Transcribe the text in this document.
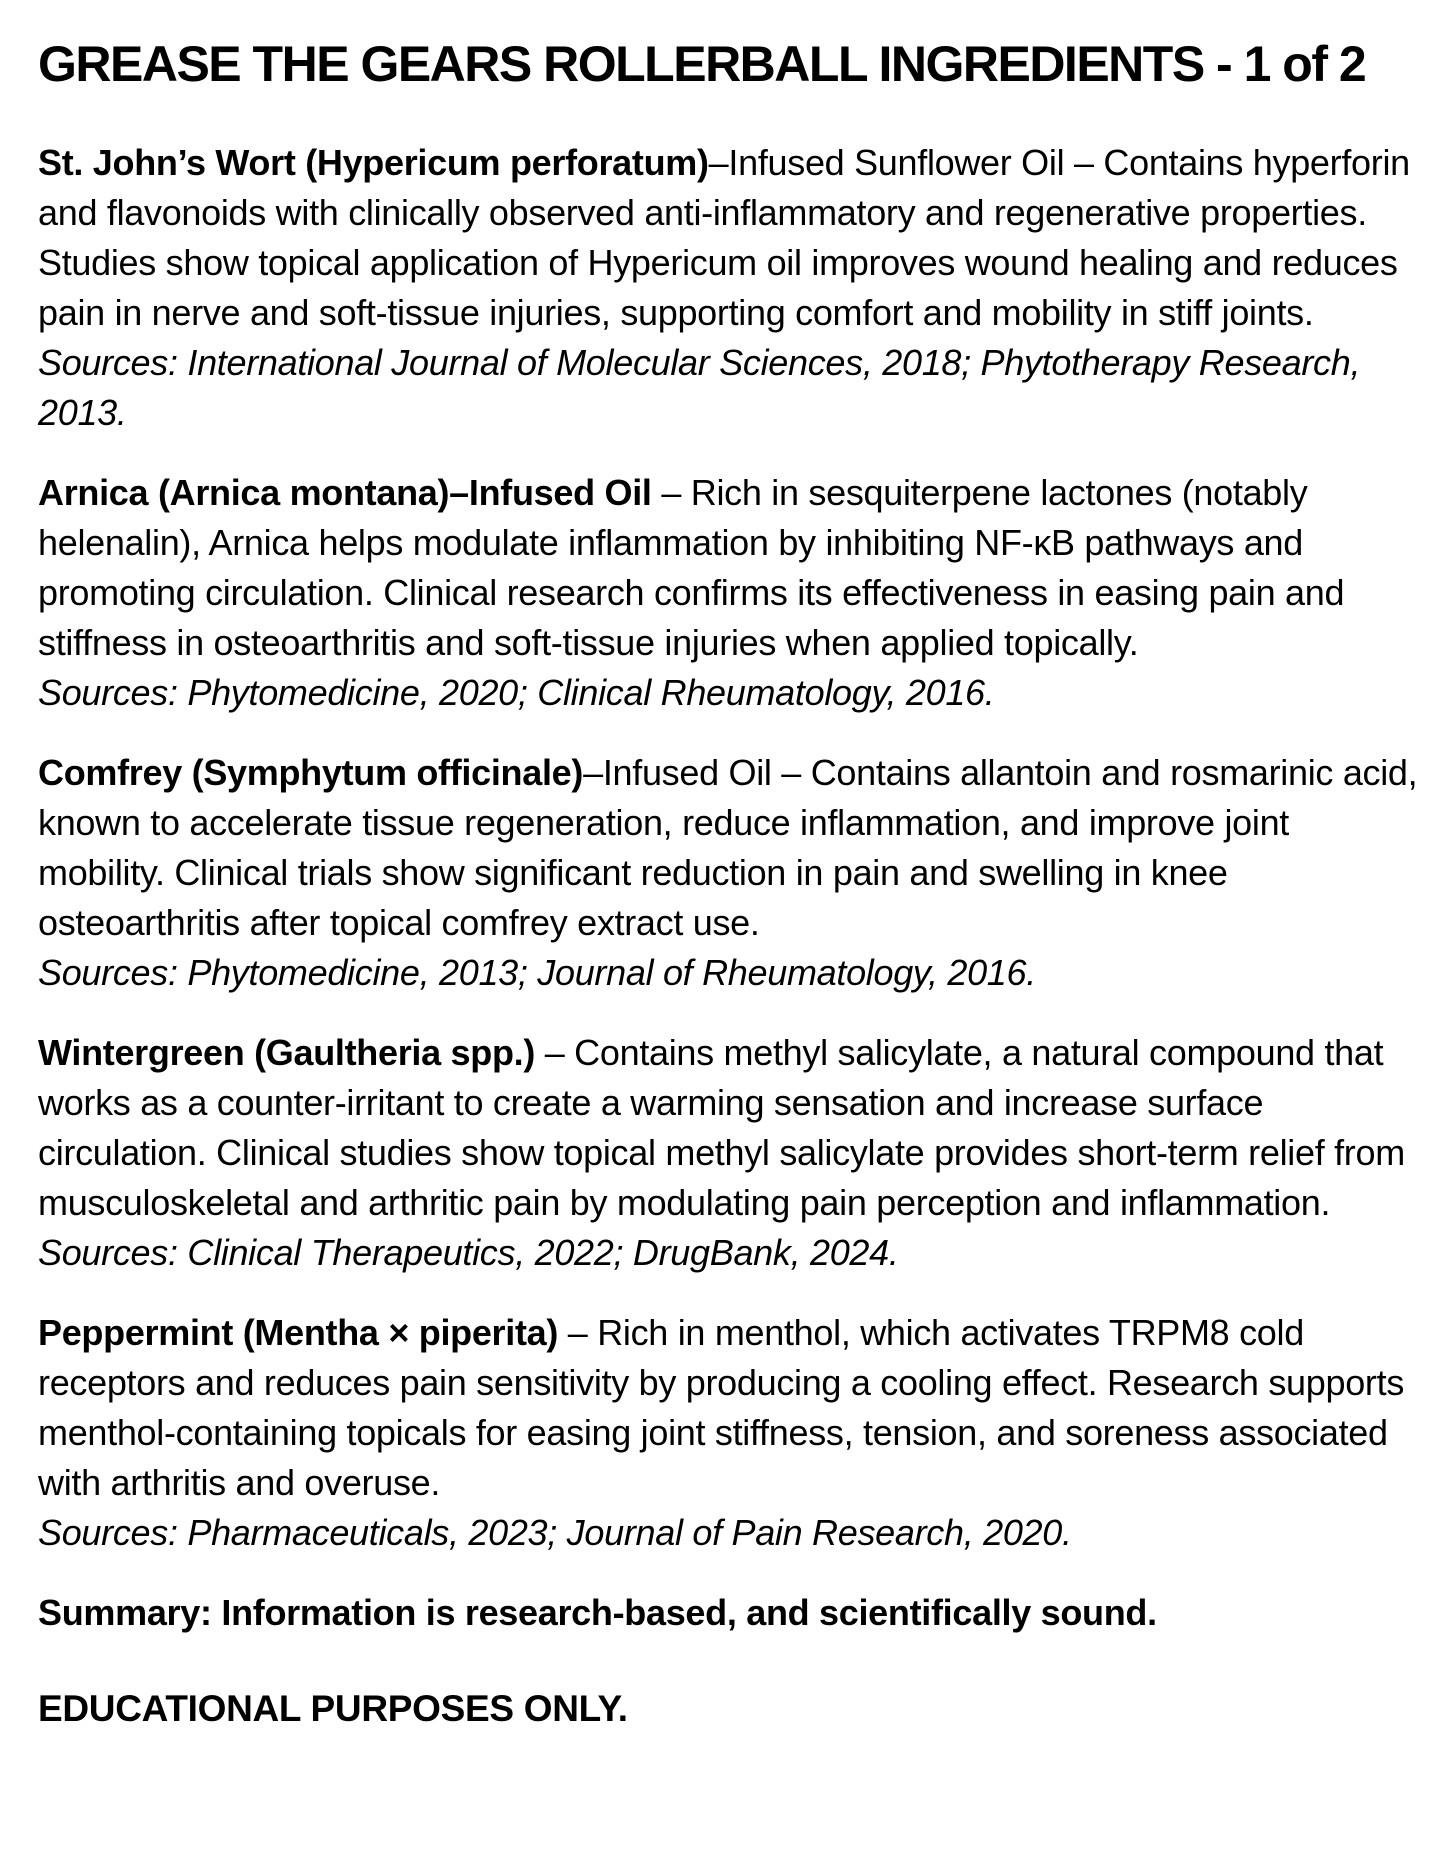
GREASE THE GEARS ROLLERBALL INGREDIENTS - 1 of 2

St. John’s Wort (Hypericum perforatum)–Infused Sunflower Oil – Contains hyperforin and flavonoids with clinically observed anti-inflammatory and regenerative properties. Studies show topical application of Hypericum oil improves wound healing and reduces pain in nerve and soft-tissue injuries, supporting comfort and mobility in stiff joints.
Sources: International Journal of Molecular Sciences, 2018; Phytotherapy Research, 2013.

Arnica (Arnica montana)–Infused Oil – Rich in sesquiterpene lactones (notably helenalin), Arnica helps modulate inflammation by inhibiting NF-κB pathways and promoting circulation. Clinical research confirms its effectiveness in easing pain and stiffness in osteoarthritis and soft-tissue injuries when applied topically.
Sources: Phytomedicine, 2020; Clinical Rheumatology, 2016.

Comfrey (Symphytum officinale)–Infused Oil – Contains allantoin and rosmarinic acid, known to accelerate tissue regeneration, reduce inflammation, and improve joint mobility. Clinical trials show significant reduction in pain and swelling in knee osteoarthritis after topical comfrey extract use.
Sources: Phytomedicine, 2013; Journal of Rheumatology, 2016.

Wintergreen (Gaultheria spp.) – Contains methyl salicylate, a natural compound that works as a counter-irritant to create a warming sensation and increase surface circulation. Clinical studies show topical methyl salicylate provides short-term relief from musculoskeletal and arthritic pain by modulating pain perception and inflammation.
Sources: Clinical Therapeutics, 2022; DrugBank, 2024.

Peppermint (Mentha × piperita) – Rich in menthol, which activates TRPM8 cold receptors and reduces pain sensitivity by producing a cooling effect. Research supports menthol-containing topicals for easing joint stiffness, tension, and soreness associated with arthritis and overuse.
Sources: Pharmaceuticals, 2023; Journal of Pain Research, 2020.

Summary: Information is research-based, and scientifically sound.

EDUCATIONAL PURPOSES ONLY.
